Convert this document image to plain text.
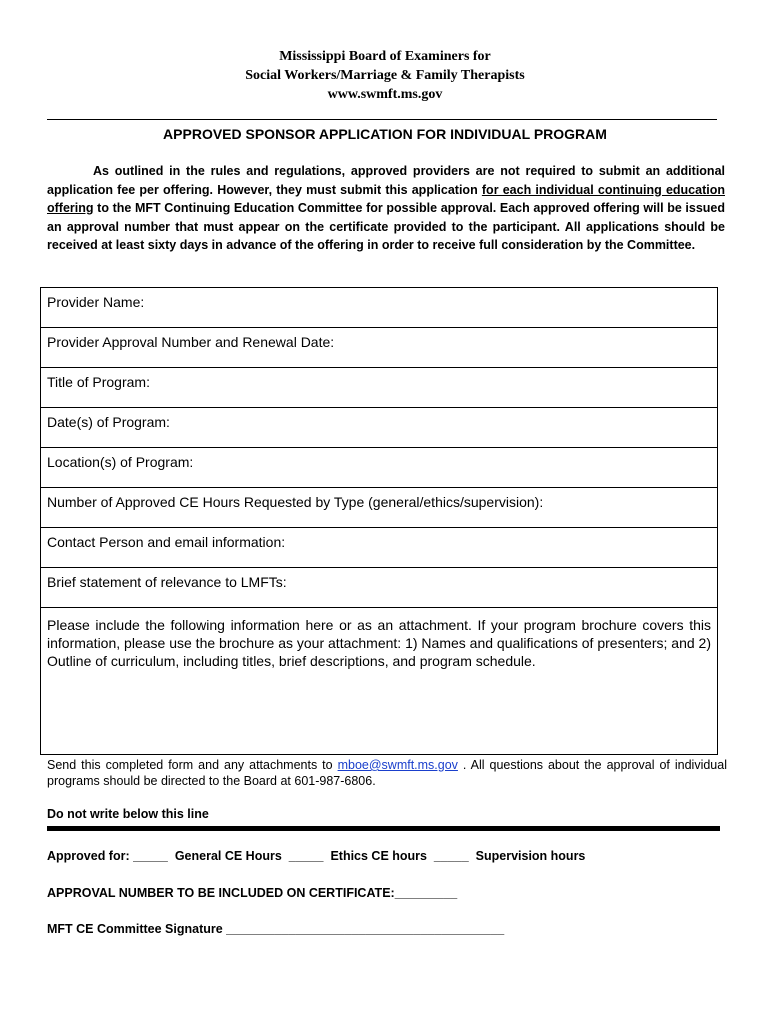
Mississippi Board of Examiners for
Social Workers/Marriage & Family Therapists
www.swmft.ms.gov
APPROVED SPONSOR APPLICATION FOR INDIVIDUAL PROGRAM
As outlined in the rules and regulations, approved providers are not required to submit an additional application fee per offering. However, they must submit this application for each individual continuing education offering to the MFT Continuing Education Committee for possible approval. Each approved offering will be issued an approval number that must appear on the certificate provided to the participant. All applications should be received at least sixty days in advance of the offering in order to receive full consideration by the Committee.
Provider Name:
Provider Approval Number and Renewal Date:
Title of Program:
Date(s) of Program:
Location(s) of Program:
Number of Approved CE Hours Requested by Type (general/ethics/supervision):
Contact Person and email information:
Brief statement of relevance to LMFTs:
Please include the following information here or as an attachment. If your program brochure covers this information, please use the brochure as your attachment: 1) Names and qualifications of presenters; and 2) Outline of curriculum, including titles, brief descriptions, and program schedule.
Send this completed form and any attachments to mboe@swmft.ms.gov . All questions about the approval of individual programs should be directed to the Board at 601-987-6806.
Do not write below this line
Approved for: _____  General CE Hours  _____  Ethics CE hours  _____  Supervision hours
APPROVAL NUMBER TO BE INCLUDED ON CERTIFICATE:_________
MFT CE Committee Signature ________________________________________
